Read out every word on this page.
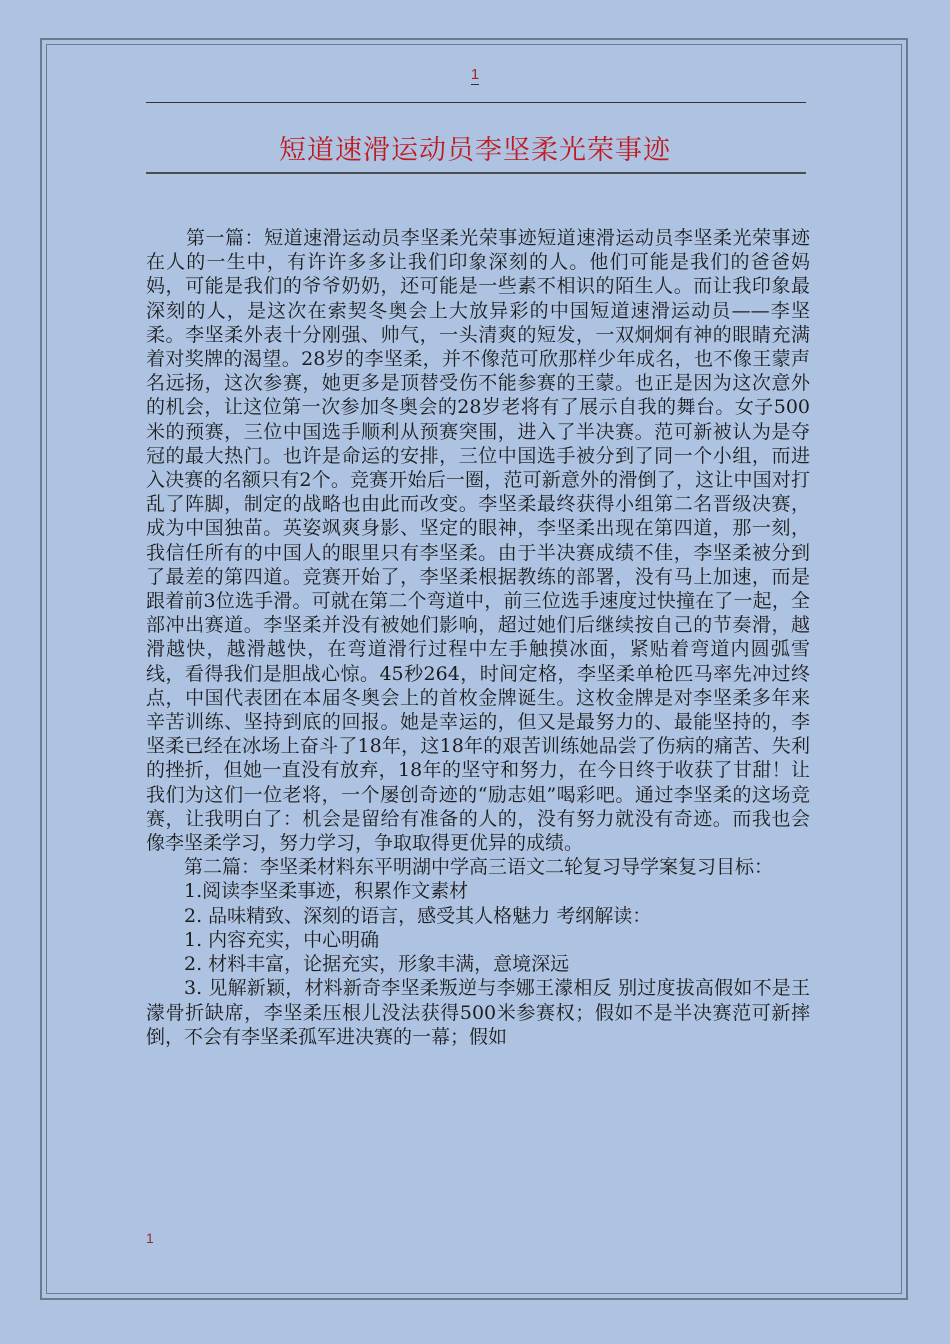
1
短道速滑运动员李坚柔光荣事迹

第一篇：短道速滑运动员李坚柔光荣事迹短道速滑运动员李坚柔光荣事迹在人的一生中，有许许多多让我们印象深刻的人。他们可能是我们的爸爸妈妈，可能是我们的爷爷奶奶，还可能是一些素不相识的陌生人。而让我印象最深刻的人，是这次在索契冬奥会上大放异彩的中国短道速滑运动员——李坚柔。李坚柔外表十分刚强、帅气，一头清爽的短发，一双炯炯有神的眼睛充满着对奖牌的渴望。28岁的李坚柔，并不像范可欣那样少年成名，也不像王蒙声名远扬，这次参赛，她更多是顶替受伤不能参赛的王蒙。也正是因为这次意外的机会，让这位第一次参加冬奥会的28岁老将有了展示自我的舞台。女子500米的预赛，三位中国选手顺利从预赛突围，进入了半决赛。范可新被认为是夺冠的最大热门。也许是命运的安排，三位中国选手被分到了同一个小组，而进入决赛的名额只有2个。竞赛开始后一圈，范可新意外的滑倒了，这让中国对打乱了阵脚，制定的战略也由此而改变。李坚柔最终获得小组第二名晋级决赛，成为中国独苗。英姿飒爽身影、坚定的眼神，李坚柔出现在第四道，那一刻，我信任所有的中国人的眼里只有李坚柔。由于半决赛成绩不佳，李坚柔被分到了最差的第四道。竞赛开始了，李坚柔根据教练的部署，没有马上加速，而是跟着前3位选手滑。可就在第二个弯道中，前三位选手速度过快撞在了一起，全部冲出赛道。李坚柔并没有被她们影响，超过她们后继续按自己的节奏滑，越滑越快，越滑越快，在弯道滑行过程中左手触摸冰面，紧贴着弯道内圆弧雪线，看得我们是胆战心惊。45秒264，时间定格，李坚柔单枪匹马率先冲过终点，中国代表团在本届冬奥会上的首枚金牌诞生。这枚金牌是对李坚柔多年来辛苦训练、坚持到底的回报。她是幸运的，但又是最努力的、最能坚持的，李坚柔已经在冰场上奋斗了18年，这18年的艰苦训练她品尝了伤病的痛苦、失利的挫折，但她一直没有放弃，18年的坚守和努力，在今日终于收获了甘甜！让我们为这们一位老将，一个屡创奇迹的“励志姐”喝彩吧。通过李坚柔的这场竞赛，让我明白了：机会是留给有准备的人的，没有努力就没有奇迹。而我也会像李坚柔学习，努力学习，争取取得更优异的成绩。

第二篇：李坚柔材料东平明湖中学高三语文二轮复习导学案复习目标：

1.阅读李坚柔事迹，积累作文素材

2. 品味精致、深刻的语言，感受其人格魅力 考纲解读：

1. 内容充实，中心明确

2. 材料丰富，论据充实，形象丰满，意境深远

3. 见解新颖，材料新奇李坚柔叛逆与李娜王濛相反 别过度拔高假如不是王濛骨折缺席，李坚柔压根儿没法获得500米参赛权；假如不是半决赛范可新摔倒，不会有李坚柔孤军进决赛的一幕；假如

1
